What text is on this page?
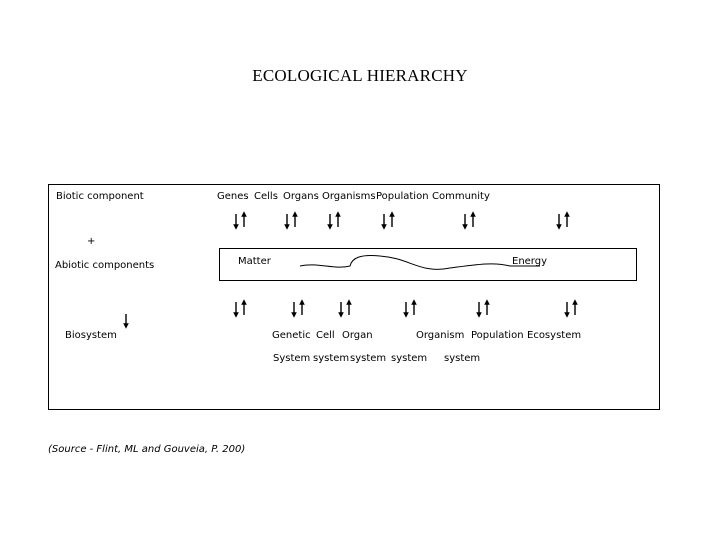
ECOLOGICAL HIERARCHY
Biotic component
+
Abiotic components
Biosystem
Genes Cells Organs Organisms Population Community
Matter	Energy
Genetic Cell Organ	Organism Population Ecosystem
System system system system system
(Source - Flint, ML and Gouveia, P. 200)
